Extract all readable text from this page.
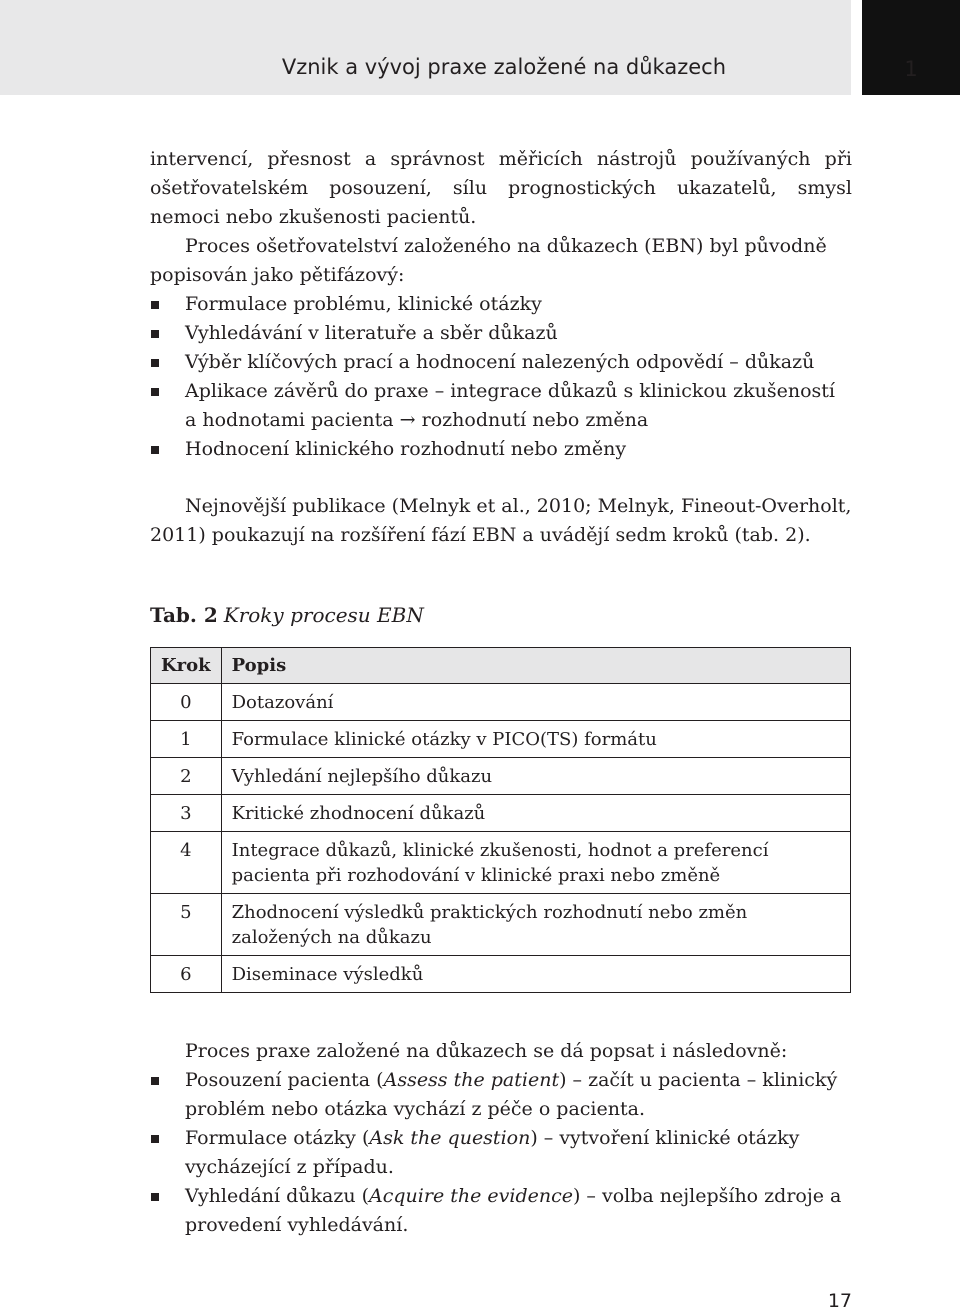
Vznik a vývoj praxe založené na důkazech	1

intervencí, přesnost a správnost měřicích nástrojů používaných při ošetřovatelském posouzení, sílu prognostických ukazatelů, smysl nemoci nebo zkušenosti pacientů.

Proces ošetřovatelství založeného na důkazech (EBN) byl původně popisován jako pětifázový:

Formulace problému, klinické otázky
Vyhledávání v literatuře a sběr důkazů
Výběr klíčových prací a hodnocení nalezených odpovědí – důkazů
Aplikace závěrů do praxe – integrace důkazů s klinickou zkušeností a hodnotami pacienta → rozhodnutí nebo změna
Hodnocení klinického rozhodnutí nebo změny

Nejnovější publikace (Melnyk et al., 2010; Melnyk, Fineout-Overholt, 2011) poukazují na rozšíření fází EBN a uvádějí sedm kroků (tab. 2).

Tab. 2 Kroky procesu EBN
Krok	Popis
0	Dotazování
1	Formulace klinické otázky v PICO(TS) formátu
2	Vyhledání nejlepšího důkazu
3	Kritické zhodnocení důkazů
4	Integrace důkazů, klinické zkušenosti, hodnot a preferencí pacienta při rozhodování v klinické praxi nebo změně
5	Zhodnocení výsledků praktických rozhodnutí nebo změn založených na důkazu
6	Diseminace výsledků

Proces praxe založené na důkazech se dá popsat i následovně:

Posouzení pacienta (Assess the patient) – začít u pacienta – klinický problém nebo otázka vychází z péče o pacienta.
Formulace otázky (Ask the question) – vytvoření klinické otázky vycházející z případu.
Vyhledání důkazu (Acquire the evidence) – volba nejlepšího zdroje a provedení vyhledávání.
17
